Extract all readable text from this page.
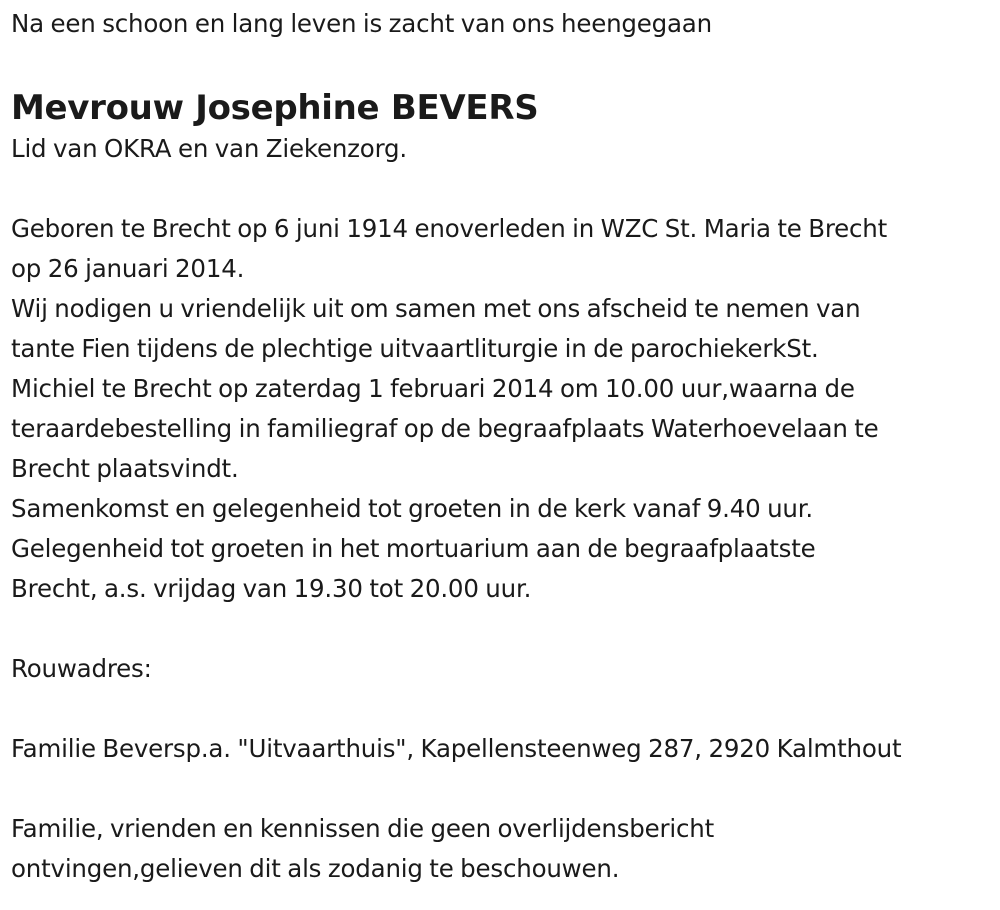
Na een schoon en lang leven is zacht van ons heengegaan
Mevrouw Josephine BEVERS
Lid van OKRA en van Ziekenzorg.
Geboren te Brecht op 6 juni 1914 enoverleden in WZC St. Maria te Brecht
op 26 januari 2014.
Wij nodigen u vriendelijk uit om samen met ons afscheid te nemen van
tante Fien tijdens de plechtige uitvaartliturgie in de parochiekerkSt.
Michiel te Brecht op zaterdag 1 februari 2014 om 10.00 uur,waarna de
teraardebestelling in familiegraf op de begraafplaats Waterhoevelaan te
Brecht plaatsvindt.
Samenkomst en gelegenheid tot groeten in de kerk vanaf 9.40 uur.
Gelegenheid tot groeten in het mortuarium aan de begraafplaatste
Brecht, a.s. vrijdag van 19.30 tot 20.00 uur.
Rouwadres:
Familie Beversp.a. "Uitvaarthuis", Kapellensteenweg 287, 2920 Kalmthout
Familie, vrienden en kennissen die geen overlijdensbericht
ontvingen,gelieven dit als zodanig te beschouwen.
